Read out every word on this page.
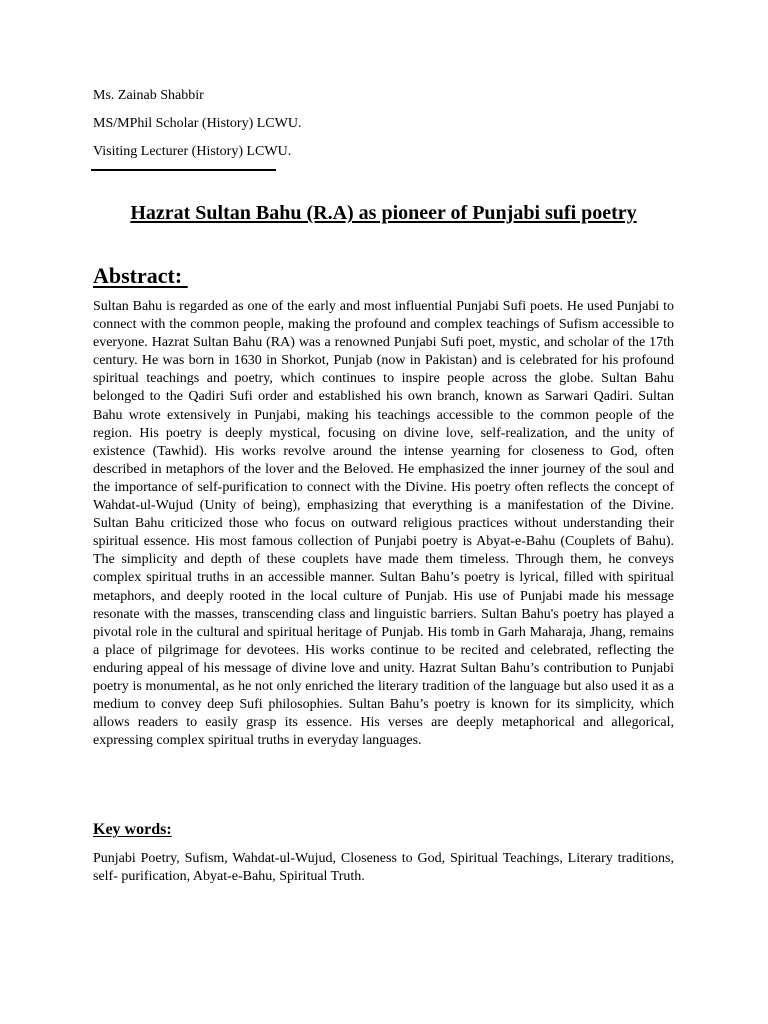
Ms. Zainab Shabbir
MS/MPhil Scholar (History) LCWU.
Visiting Lecturer (History) LCWU.
Hazrat Sultan Bahu (R.A) as pioneer of Punjabi sufi poetry
Abstract:
Sultan Bahu is regarded as one of the early and most influential Punjabi Sufi poets. He used Punjabi to connect with the common people, making the profound and complex teachings of Sufism accessible to everyone. Hazrat Sultan Bahu (RA) was a renowned Punjabi Sufi poet, mystic, and scholar of the 17th century. He was born in 1630 in Shorkot, Punjab (now in Pakistan) and is celebrated for his profound spiritual teachings and poetry, which continues to inspire people across the globe. Sultan Bahu belonged to the Qadiri Sufi order and established his own branch, known as Sarwari Qadiri. Sultan Bahu wrote extensively in Punjabi, making his teachings accessible to the common people of the region. His poetry is deeply mystical, focusing on divine love, self-realization, and the unity of existence (Tawhid). His works revolve around the intense yearning for closeness to God, often described in metaphors of the lover and the Beloved. He emphasized the inner journey of the soul and the importance of self-purification to connect with the Divine. His poetry often reflects the concept of Wahdat-ul-Wujud (Unity of being), emphasizing that everything is a manifestation of the Divine. Sultan Bahu criticized those who focus on outward religious practices without understanding their spiritual essence. His most famous collection of Punjabi poetry is Abyat-e-Bahu (Couplets of Bahu). The simplicity and depth of these couplets have made them timeless. Through them, he conveys complex spiritual truths in an accessible manner. Sultan Bahu’s poetry is lyrical, filled with spiritual metaphors, and deeply rooted in the local culture of Punjab. His use of Punjabi made his message resonate with the masses, transcending class and linguistic barriers. Sultan Bahu's poetry has played a pivotal role in the cultural and spiritual heritage of Punjab. His tomb in Garh Maharaja, Jhang, remains a place of pilgrimage for devotees. His works continue to be recited and celebrated, reflecting the enduring appeal of his message of divine love and unity. Hazrat Sultan Bahu’s contribution to Punjabi poetry is monumental, as he not only enriched the literary tradition of the language but also used it as a medium to convey deep Sufi philosophies. Sultan Bahu’s poetry is known for its simplicity, which allows readers to easily grasp its essence. His verses are deeply metaphorical and allegorical, expressing complex spiritual truths in everyday languages.
Key words:
Punjabi Poetry, Sufism, Wahdat-ul-Wujud, Closeness to God, Spiritual Teachings, Literary traditions, self- purification, Abyat-e-Bahu, Spiritual Truth.
